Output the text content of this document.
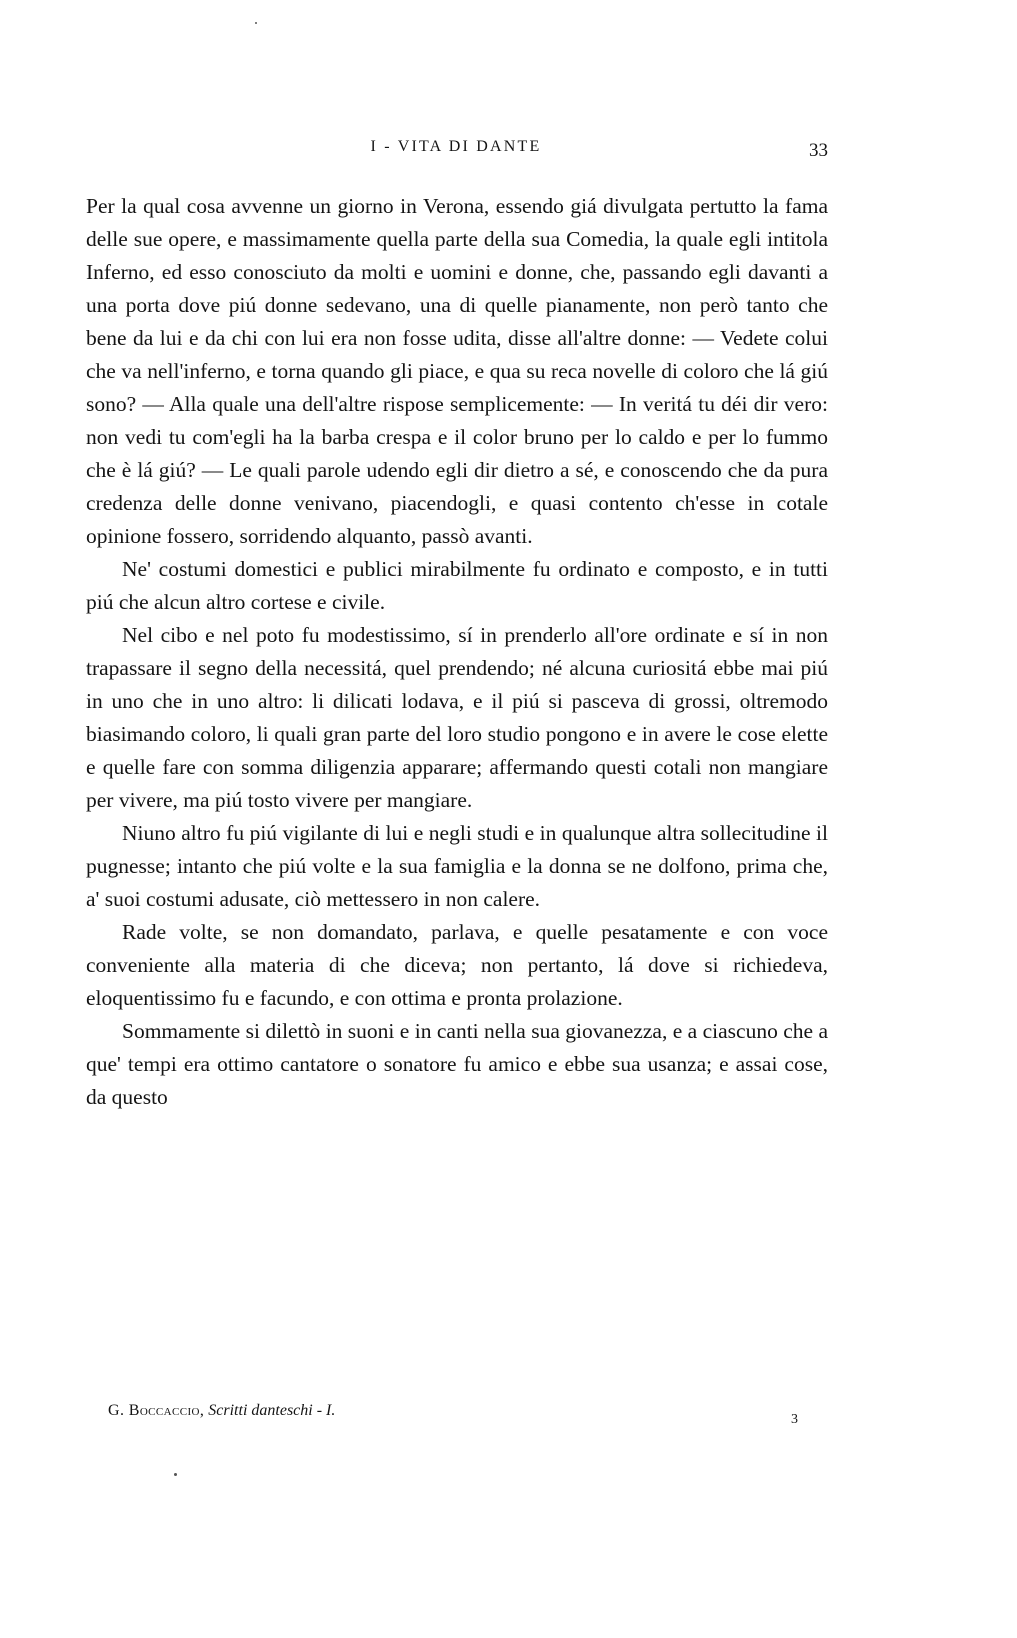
I - VITA DI DANTE	33

Per la qual cosa avvenne un giorno in Verona, essendo giá divulgata pertutto la fama delle sue opere, e massimamente quella parte della sua Comedia, la quale egli intitola Inferno, ed esso conosciuto da molti e uomini e donne, che, passando egli davanti a una porta dove piú donne sedevano, una di quelle pianamente, non però tanto che bene da lui e da chi con lui era non fosse udita, disse all'altre donne: — Vedete colui che va nell'inferno, e torna quando gli piace, e qua su reca novelle di coloro che lá giú sono? — Alla quale una dell'altre rispose semplicemente: — In veritá tu déi dir vero: non vedi tu com'egli ha la barba crespa e il color bruno per lo caldo e per lo fummo che è lá giú? — Le quali parole udendo egli dir dietro a sé, e conoscendo che da pura credenza delle donne venivano, piacendogli, e quasi contento ch'esse in cotale opinione fossero, sorridendo alquanto, passò avanti.

Ne' costumi domestici e publici mirabilmente fu ordinato e composto, e in tutti piú che alcun altro cortese e civile.

Nel cibo e nel poto fu modestissimo, sí in prenderlo all'ore ordinate e sí in non trapassare il segno della necessitá, quel prendendo; né alcuna curiositá ebbe mai piú in uno che in uno altro: li dilicati lodava, e il piú si pasceva di grossi, oltremodo biasimando coloro, li quali gran parte del loro studio pongono e in avere le cose elette e quelle fare con somma diligenzia apparare; affermando questi cotali non mangiare per vivere, ma piú tosto vivere per mangiare.

Niuno altro fu piú vigilante di lui e negli studi e in qualunque altra sollecitudine il pugnesse; intanto che piú volte e la sua famiglia e la donna se ne dolfono, prima che, a' suoi costumi adusate, ciò mettessero in non calere.

Rade volte, se non domandato, parlava, e quelle pesatamente e con voce conveniente alla materia di che diceva; non pertanto, lá dove si richiedeva, eloquentissimo fu e facundo, e con ottima e pronta prolazione.

Sommamente si dilettò in suoni e in canti nella sua giovanezza, e a ciascuno che a que' tempi era ottimo cantatore o sonatore fu amico e ebbe sua usanza; e assai cose, da questo

G. Boccaccio, Scritti danteschi - I.
3
